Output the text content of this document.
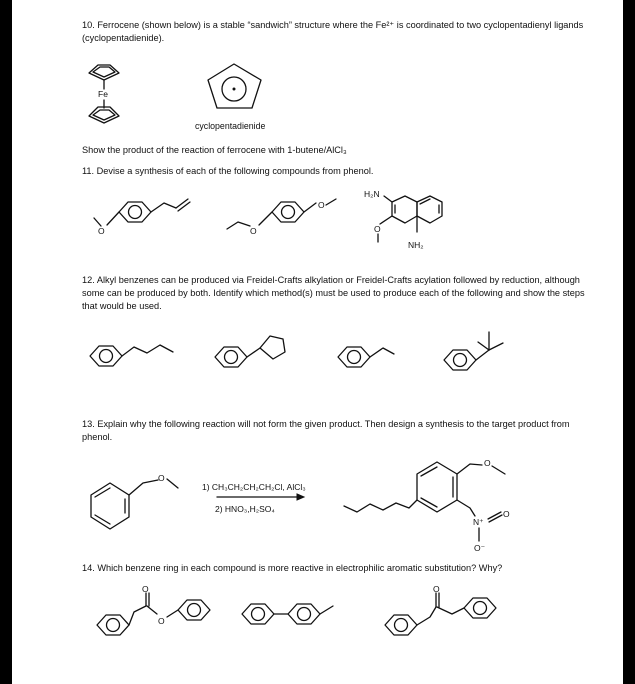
10. Ferrocene (shown below) is a stable “sandwich” structure where the Fe²⁺ is coordinated to two cyclopentadienyl ligands (cyclopentadienide).
cyclopentadienide
Show the product of the reaction of ferrocene with 1-butene/AlCl₃
11. Devise a synthesis of each of the following compounds from phenol.
12. Alkyl benzenes can be produced via Freidel-Crafts alkylation or Freidel-Crafts acylation followed by reduction, although some can be produced by both. Identify which method(s) must be used to produce each of the following and show the steps that would be used.
13. Explain why the following reaction will not form the given product. Then design a synthesis to the target product from phenol.
14. Which benzene ring in each compound is more reactive in electrophilic aromatic substitution? Why?
Fe
O	O
O
H₂N
O
NH₂
O
1) CH₃CH₂CH₂CH₂Cl, AlCl₃
2) HNO₃,H₂SO₄
O
N⁺
O
O⁻
O
O
O
